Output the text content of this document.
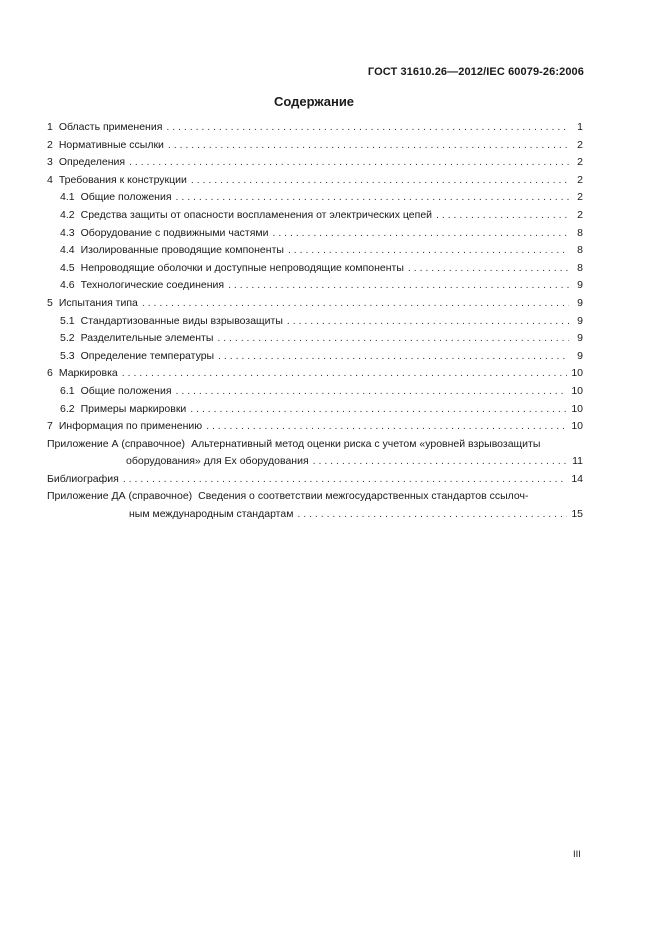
ГОСТ 31610.26—2012/IEC 60079-26:2006
Содержание
1 Область применения . . .	1
2 Нормативные ссылки . . .	2
3 Определения . . .	2
4 Требования к конструкции . . .	2
4.1 Общие положения . . .	2
4.2 Средства защиты от опасности воспламенения от электрических цепей . . .	2
4.3 Оборудование с подвижными частями . . .	8
4.4 Изолированные проводящие компоненты . . .	8
4.5 Непроводящие оболочки и доступные непроводящие компоненты . . .	8
4.6 Технологические соединения . . .	9
5 Испытания типа . . .	9
5.1 Стандартизованные виды взрывозащиты . . .	9
5.2 Разделительные элементы . . .	9
5.3 Определение температуры . . .	9
6 Маркировка . . .	10
6.1 Общие положения . . .	10
6.2 Примеры маркировки . . .	10
7 Информация по применению . . .	10
Приложение А (справочное) Альтернативный метод оценки риска с учетом «уровней взрывозащиты
оборудования» для Ex оборудования . . .	11
Библиография . . .	14
Приложение ДА (справочное) Сведения о соответствии межгосударственных стандартов ссылоч-
ным международным стандартам . . .	15
III
